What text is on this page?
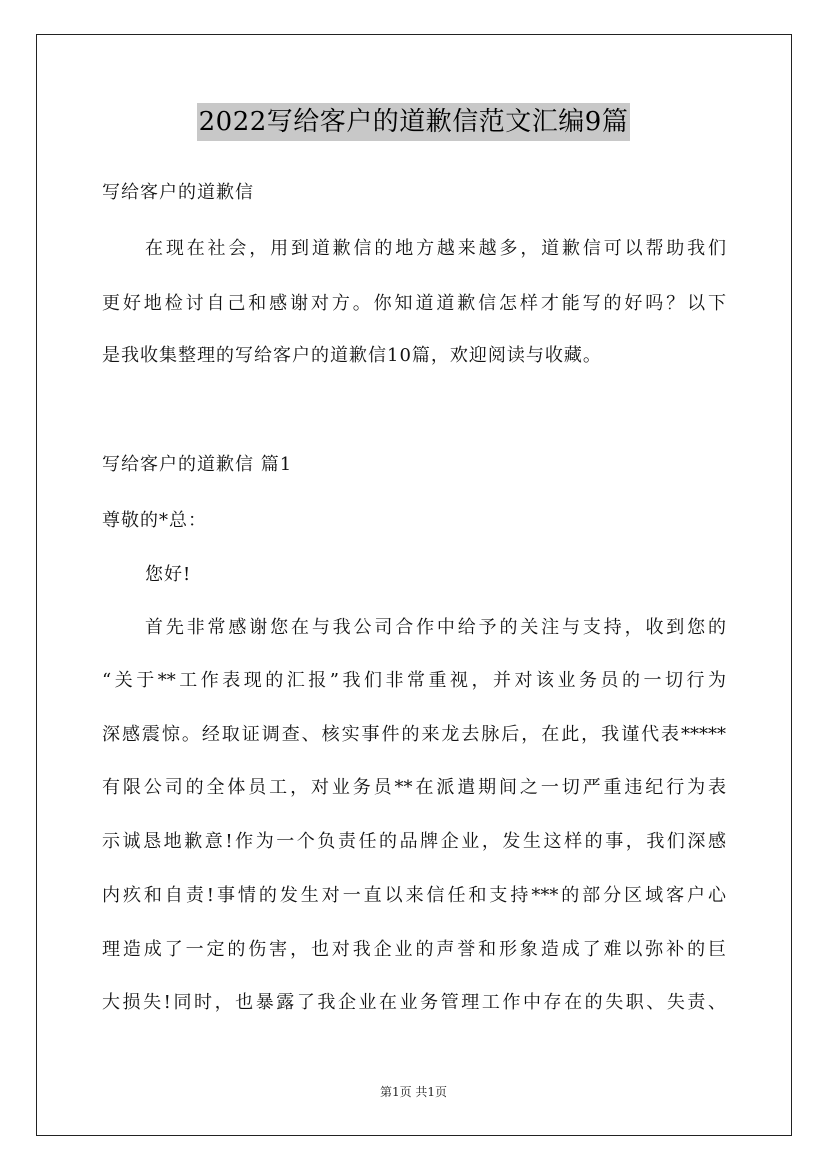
2022写给客户的道歉信范文汇编9篇
写给客户的道歉信
在现在社会，用到道歉信的地方越来越多，道歉信可以帮助我们
更好地检讨自己和感谢对方。你知道道歉信怎样才能写的好吗？以下
是我收集整理的写给客户的道歉信10篇，欢迎阅读与收藏。
写给客户的道歉信 篇1
尊敬的*总：
您好!
首先非常感谢您在与我公司合作中给予的关注与支持，收到您的
“关于**工作表现的汇报”我们非常重视，并对该业务员的一切行为
深感震惊。经取证调查、核实事件的来龙去脉后，在此，我谨代表*****
有限公司的全体员工，对业务员**在派遣期间之一切严重违纪行为表
示诚恳地歉意!作为一个负责任的品牌企业，发生这样的事，我们深感
内疚和自责!事情的发生对一直以来信任和支持***的部分区域客户心
理造成了一定的伤害，也对我企业的声誉和形象造成了难以弥补的巨
大损失!同时，也暴露了我企业在业务管理工作中存在的失职、失责、
第1页 共1页
